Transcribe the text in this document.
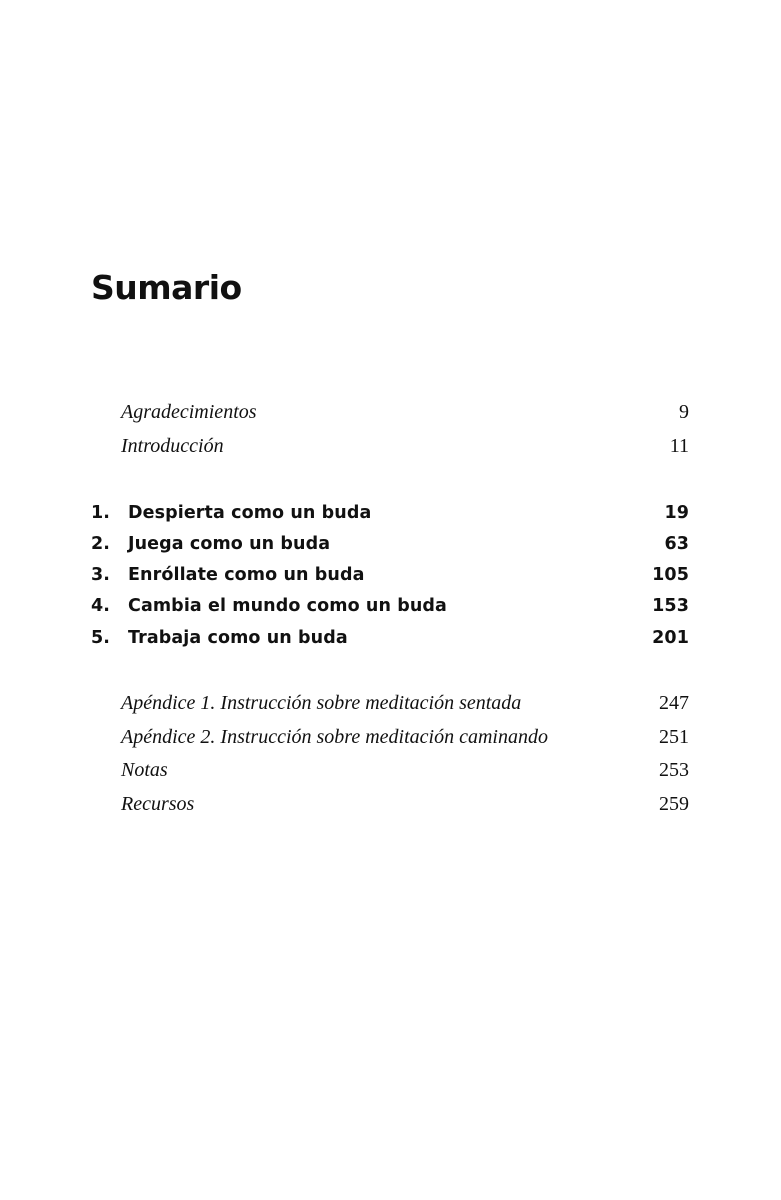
Sumario
Agradecimientos	9
Introducción	11
1.	Despierta como un buda	19
2.	Juega como un buda	63
3.	Enróllate como un buda	105
4.	Cambia el mundo como un buda	153
5.	Trabaja como un buda	201
Apéndice 1. Instrucción sobre meditación sentada	247
Apéndice 2. Instrucción sobre meditación caminando	251
Notas	253
Recursos	259
